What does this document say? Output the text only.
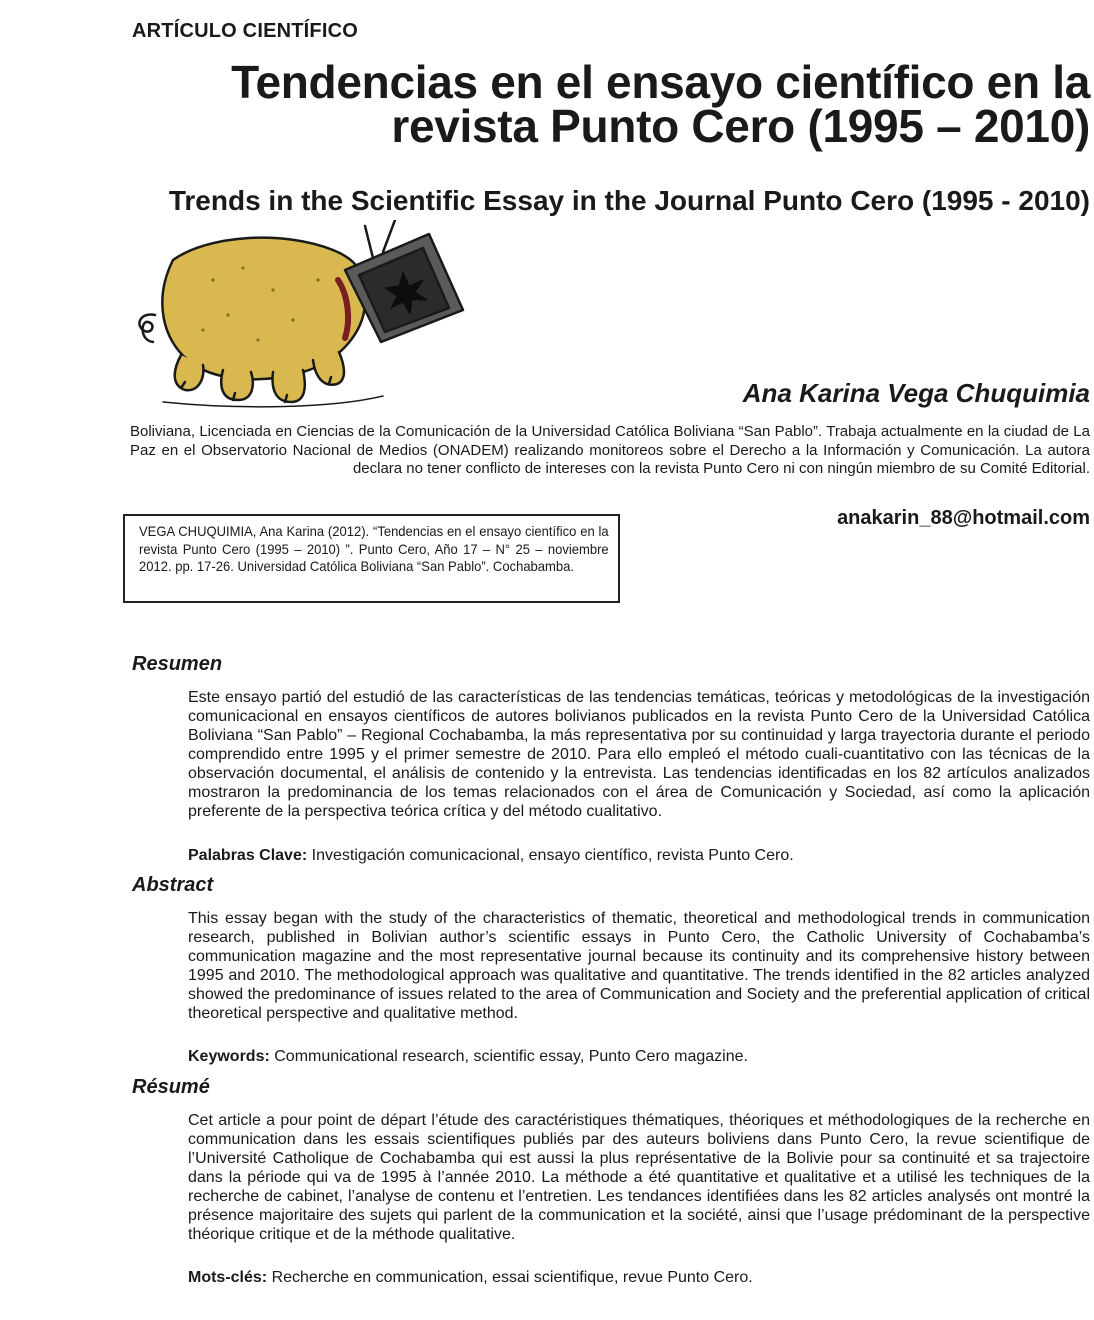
ARTÍCULO CIENTÍFICO
Tendencias en el ensayo científico en la
revista Punto Cero (1995 – 2010)
Trends in the Scientific Essay in the Journal Punto Cero (1995 - 2010)
Ana Karina Vega Chuquimia
Boliviana, Licenciada en Ciencias de la Comunicación de la Universidad Católica Boliviana “San Pablo”. Trabaja actualmente en la ciudad de La Paz en el Observatorio Nacional de Medios (ONADEM) realizando monitoreos sobre el Derecho a la Información y Comunicación. La autora declara no tener conflicto de intereses con la revista Punto Cero ni con ningún miembro de su Comité Editorial.
anakarin_88@hotmail.com
VEGA CHUQUIMIA, Ana Karina (2012). “Tendencias en el ensayo científico en la revista Punto Cero (1995 – 2010) ”. Punto Cero, Año 17 – N° 25 – noviembre 2012. pp. 17-26. Universidad Católica Boliviana “San Pablo”. Cochabamba.
Resumen
Este ensayo partió del estudió de las características de las tendencias temáticas, teóricas y metodológicas de la investigación comunicacional en ensayos científicos de autores bolivianos publicados en la revista Punto Cero de la Universidad Católica Boliviana “San Pablo” – Regional Cochabamba, la más representativa por su continuidad y larga trayectoria durante el periodo comprendido entre 1995 y el primer semestre de 2010. Para ello empleó el método cuali-cuantitativo con las técnicas de la observación documental, el análisis de contenido y la entrevista. Las tendencias identificadas en los 82 artículos analizados mostraron la predominancia de los temas relacionados con el área de Comunicación y Sociedad, así como la aplicación preferente de la perspectiva teórica crítica y del método cualitativo.
Palabras Clave: Investigación comunicacional, ensayo científico, revista Punto Cero.
Abstract
This essay began with the study of the characteristics of thematic, theoretical and methodological trends in communication research, published in Bolivian author’s scientific essays in Punto Cero, the Catholic University of Cochabamba’s communication magazine and the most representative journal because its continuity and its comprehensive history between 1995 and 2010. The methodological approach was qualitative and quantitative. The trends identified in the 82 articles analyzed showed the predominance of issues related to the area of Communication and Society and the preferential application of critical theoretical perspective and qualitative method.
Keywords: Communicational research, scientific essay, Punto Cero magazine.
Résumé
Cet article a pour point de départ l’étude des caractéristiques thématiques, théoriques et méthodologiques de la recherche en communication dans les essais scientifiques publiés par des auteurs boliviens dans Punto Cero, la revue scientifique de l’Université Catholique de Cochabamba qui est aussi la plus représentative de la Bolivie pour sa continuité et sa trajectoire dans la période qui va de 1995 à l’année 2010. La méthode a été quantitative et qualitative et a utilisé les techniques de la recherche de cabinet, l’analyse de contenu et l’entretien. Les tendances identifiées dans les 82 articles analysés ont montré la présence majoritaire des sujets qui parlent de la communication et la société, ainsi que l’usage prédominant de la perspective théorique critique et de la méthode qualitative.
Mots-clés: Recherche en communication, essai scientifique, revue Punto Cero.
